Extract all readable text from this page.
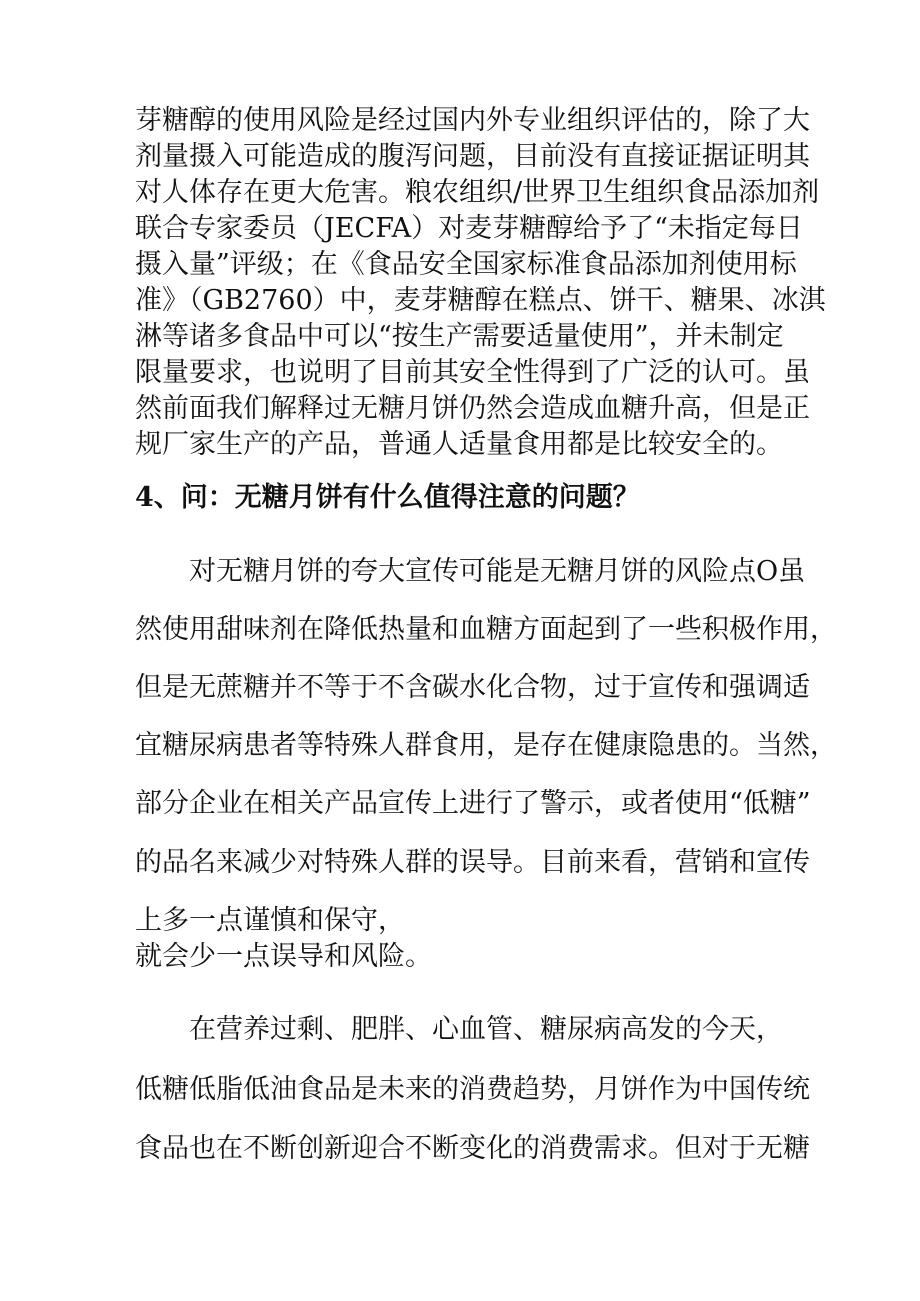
芽糖醇的使用风险是经过国内外专业组织评估的，除了大
剂量摄入可能造成的腹泻问题，目前没有直接证据证明其
对人体存在更大危害。粮农组织/世界卫生组织食品添加剂
联合专家委员（JECFA）对麦芽糖醇给予了“未指定每日
摄入量”评级；在《食品安全国家标准食品添加剂使用标
准》（GB2760）中，麦芽糖醇在糕点、饼干、糖果、冰淇
淋等诸多食品中可以“按生产需要适量使用”，并未制定
限量要求，也说明了目前其安全性得到了广泛的认可。虽
然前面我们解释过无糖月饼仍然会造成血糖升高，但是正
规厂家生产的产品，普通人适量食用都是比较安全的。
4、问：无糖月饼有什么值得注意的问题？
对无糖月饼的夸大宣传可能是无糖月饼的风险点O虽
然使用甜味剂在降低热量和血糖方面起到了一些积极作用，
但是无蔗糖并不等于不含碳水化合物，过于宣传和强调适
宜糖尿病患者等特殊人群食用，是存在健康隐患的。当然，
部分企业在相关产品宣传上进行了警示，或者使用“低糖”
的品名来减少对特殊人群的误导。目前来看，营销和宣传
上多一点谨慎和保守，
就会少一点误导和风险。
在营养过剩、肥胖、心血管、糖尿病高发的今天，
低糖低脂低油食品是未来的消费趋势，月饼作为中国传统
食品也在不断创新迎合不断变化的消费需求。但对于无糖
